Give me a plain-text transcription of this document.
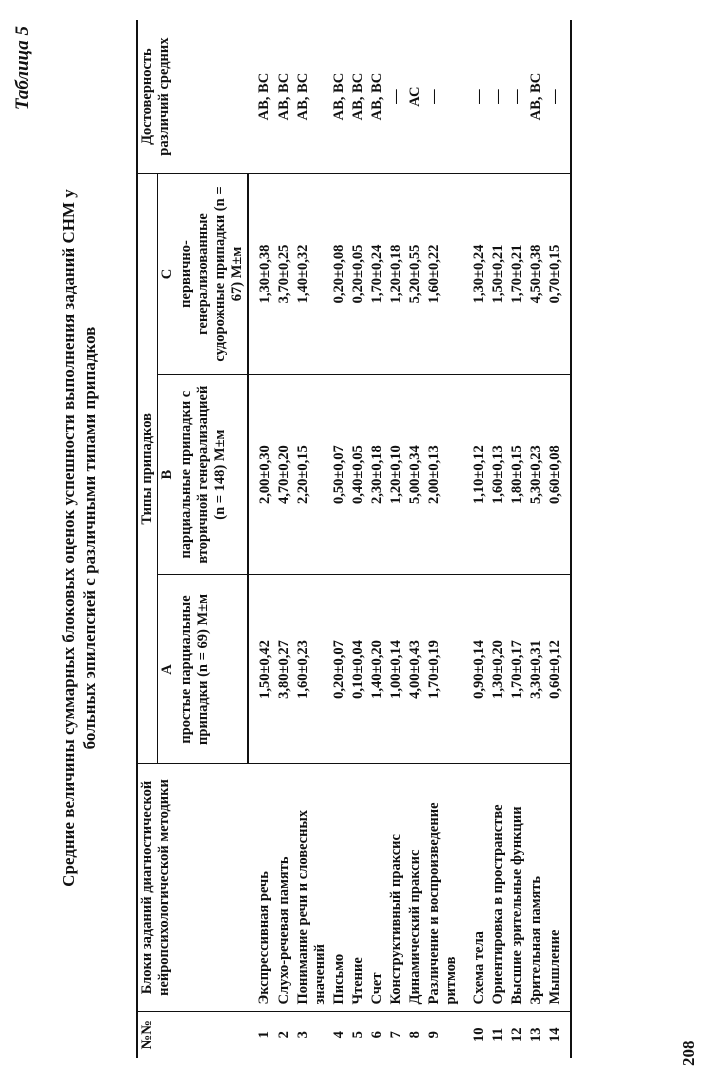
Таблица 5
Средние величины суммарных блоковых оценок успешности выполнения заданий СНМ у больных эпилепсией с различными типами припадков
№№	Блоки заданий диагностической нейропсихологической методики	Типы припадков			Достоверность различий средних
		A	B	C	
		простые парциальные припадки (n = 69) М±м	парциальные припадки с вторичной генерализацией (n = 148) М±м	первично-генерализованные судорожные припадки (n = 67) М±м	
1	Экспрессивная речь	1,50±0,42	2,00±0,30	1,30±0,38	АВ, ВС
2	Слухо-речевая память	3,80±0,27	4,70±0,20	3,70±0,25	АВ, ВС
3	Понимание речи и словесных значений	1,60±0,23	2,20±0,15	1,40±0,32	АВ, ВС
4	Письмо	0,20±0,07	0,50±0,07	0,20±0,08	АВ, ВС
5	Чтение	0,10±0,04	0,40±0,05	0,20±0,05	АВ, ВС
6	Счет	1,40±0,20	2,30±0,18	1,70±0,24	АВ, ВС
7	Конструктивный праксис	1,00±0,14	1,20±0,10	1,20±0,18	—
8	Динамический праксис	4,00±0,43	5,00±0,34	5,20±0,55	АС
9	Различение и воспроизведение ритмов	1,70±0,19	2,00±0,13	1,60±0,22	—
10	Схема тела	0,90±0,14	1,10±0,12	1,30±0,24	—
11	Ориентировка в пространстве	1,30±0,20	1,60±0,13	1,50±0,21	—
12	Высшие зрительные функции	1,70±0,17	1,80±0,15	1,70±0,21	—
13	Зрительная память	3,30±0,31	5,30±0,23	4,50±0,38	АВ, ВС
14	Мышление	0,60±0,12	0,60±0,08	0,70±0,15	—
208
